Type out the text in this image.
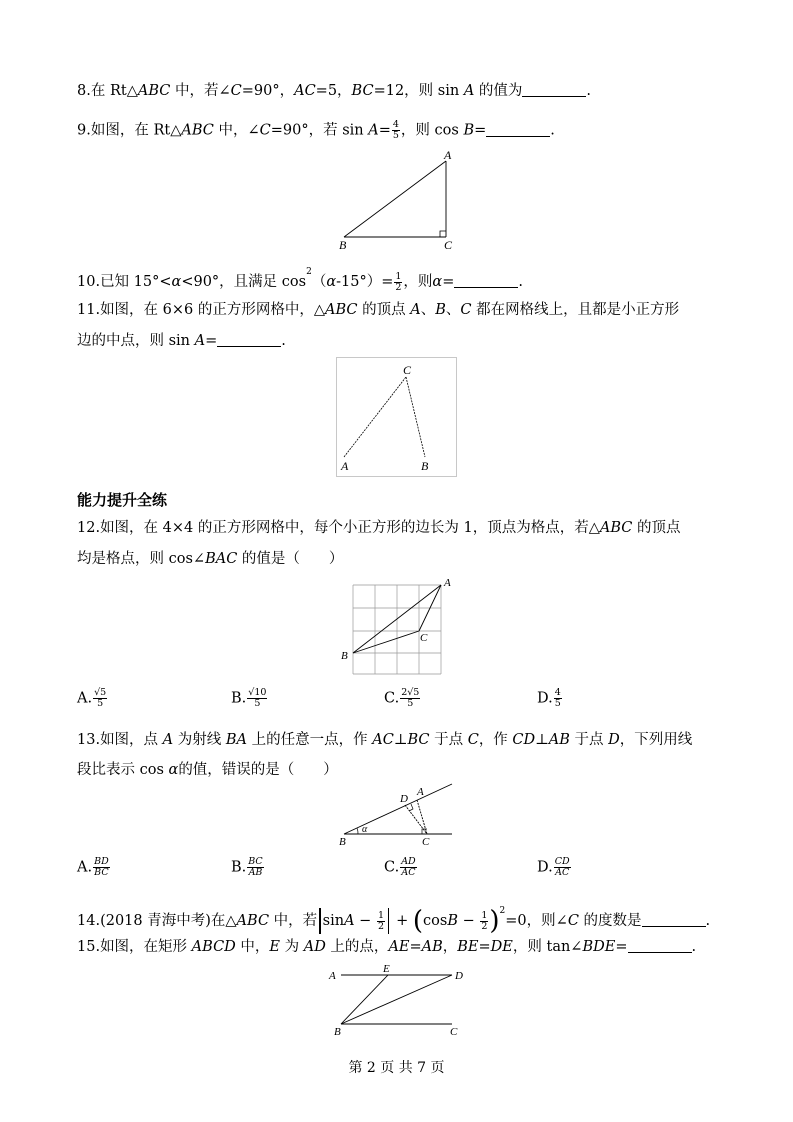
8.在 Rt△ABC 中，若∠C=90°，AC=5，BC=12，则 sin A 的值为	.
9.如图，在 Rt△ABC 中，∠C=90°，若 $\sin A= \frac{4}{5}$ ，则 cos B=	.
A
B	C
10.已知 15°<α<90°，且满足 $\cos^2(\alpha-15^\circ)= \frac{1}{2}$ ，则α=	.
11.如图，在 6×6 的正方形网格中，△ABC 的顶点 A、B、C 都在网格线上，且都是小正方形
边的中点，则 sin A=	.
C
A	B
能力提升全练
12.如图，在 4×4 的正方形网格中，每个小正方形的边长为 1，顶点为格点，若△ABC 的顶点
均是格点，则 cos∠BAC 的值是（　　）
A
B
C
A. $\frac{√5}{5}$	B. $\frac{√10}{5}$	C. $\frac{2√5}{5}$	D. $\frac{4}{5}$
13.如图，点 A 为射线 BA 上的任意一点，作 AC⊥BC 于点 C，作 CD⊥AB 于点 D，下列用线
段比表示 cos α的值，错误的是（　　）
α
A
D
B	C
A. $\frac{BD}{BC}$	B. $\frac{BC}{AB}$	C. $\frac{AD}{AC}$	D. $\frac{CD}{AC}$
14.(2018 青海中考)在△ABC 中，若 $\sin A - \frac{1}{2} + (\cos B - \frac{1}{2} )^2=0$，则∠C 的度数是	.
15.如图，在矩形 ABCD 中，E 为 AD 上的点，AE=AB，BE=DE，则 tan∠BDE=	.
A
E
D
B	C
第 2 页 共 7 页
